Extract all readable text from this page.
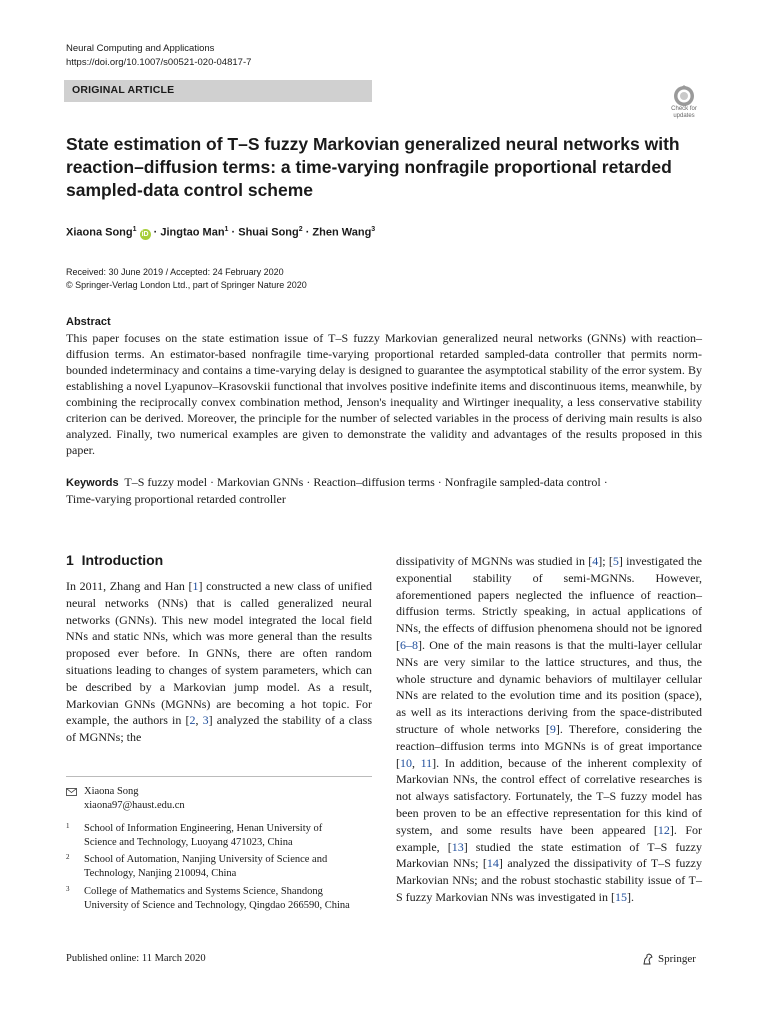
Neural Computing and Applications
https://doi.org/10.1007/s00521-020-04817-7
ORIGINAL ARTICLE
Check for updates
State estimation of T–S fuzzy Markovian generalized neural networks with reaction–diffusion terms: a time-varying nonfragile proportional retarded sampled-data control scheme
Xiaona Song$^1$ iD · Jingtao Man$^1$ · Shuai Song$^2$ · Zhen Wang$^3$
Received: 30 June 2019 / Accepted: 24 February 2020
© Springer-Verlag London Ltd., part of Springer Nature 2020
Abstract
This paper focuses on the state estimation issue of T–S fuzzy Markovian generalized neural networks (GNNs) with reaction–diffusion terms. An estimator-based nonfragile time-varying proportional retarded sampled-data controller that permits norm-bounded indeterminacy and contains a time-varying delay is designed to guarantee the asymptotical stability of the error system. By establishing a novel Lyapunov–Krasovskii functional that involves positive indefinite items and discontinuous items, meanwhile, by combining the reciprocally convex combination method, Jenson's inequality and Wirtinger inequality, a less conservative stability criterion can be derived. Moreover, the principle for the number of selected variables in the process of deriving main results is also analyzed. Finally, two numerical examples are given to demonstrate the validity and advantages of the results proposed in this paper.
Keywords T–S fuzzy model · Markovian GNNs · Reaction–diffusion terms · Nonfragile sampled-data control ·
Time-varying proportional retarded controller
1 Introduction
In 2011, Zhang and Han [1] constructed a new class of unified neural networks (NNs) that is called generalized neural networks (GNNs). This new model integrated the local field NNs and static NNs, which was more general than the results proposed ever before. In GNNs, there are often random situations leading to changes of system parameters, which can be described by a Markovian jump model. As a result, Markovian GNNs (MGNNs) are becoming a hot topic. For example, the authors in [2, 3] analyzed the stability of a class of MGNNs; the
dissipativity of MGNNs was studied in [4]; [5] investigated the exponential stability of semi-MGNNs. However, aforementioned papers neglected the influence of reaction–diffusion terms. Strictly speaking, in actual applications of NNs, the effects of diffusion phenomena should not be ignored [6–8]. One of the main reasons is that the multi-layer cellular NNs are very similar to the lattice structures, and thus, the whole structure and dynamic behaviors of multilayer cellular NNs are related to the evolution time and its position (space), as well as its interactions deriving from the space-distributed structure of whole networks [9]. Therefore, considering the reaction–diffusion terms into MGNNs is of great importance [10, 11]. In addition, because of the inherent complexity of Markovian NNs, the control effect of correlative researches is not always satisfactory. Fortunately, the T–S fuzzy model has been proven to be an effective representation for this kind of system, and some results have been appeared [12]. For example, [13] studied the state estimation of T–S fuzzy Markovian NNs; [14] analyzed the dissipativity of T–S fuzzy Markovian NNs; and the robust stochastic stability issue of T–S fuzzy Markovian NNs was investigated in [15].
Xiaona Song
xiaona97@haust.edu.cn
1 School of Information Engineering, Henan University of Science and Technology, Luoyang 471023, China
2 School of Automation, Nanjing University of Science and Technology, Nanjing 210094, China
3 College of Mathematics and Systems Science, Shandong University of Science and Technology, Qingdao 266590, China
Published online: 11 March 2020	Springer
